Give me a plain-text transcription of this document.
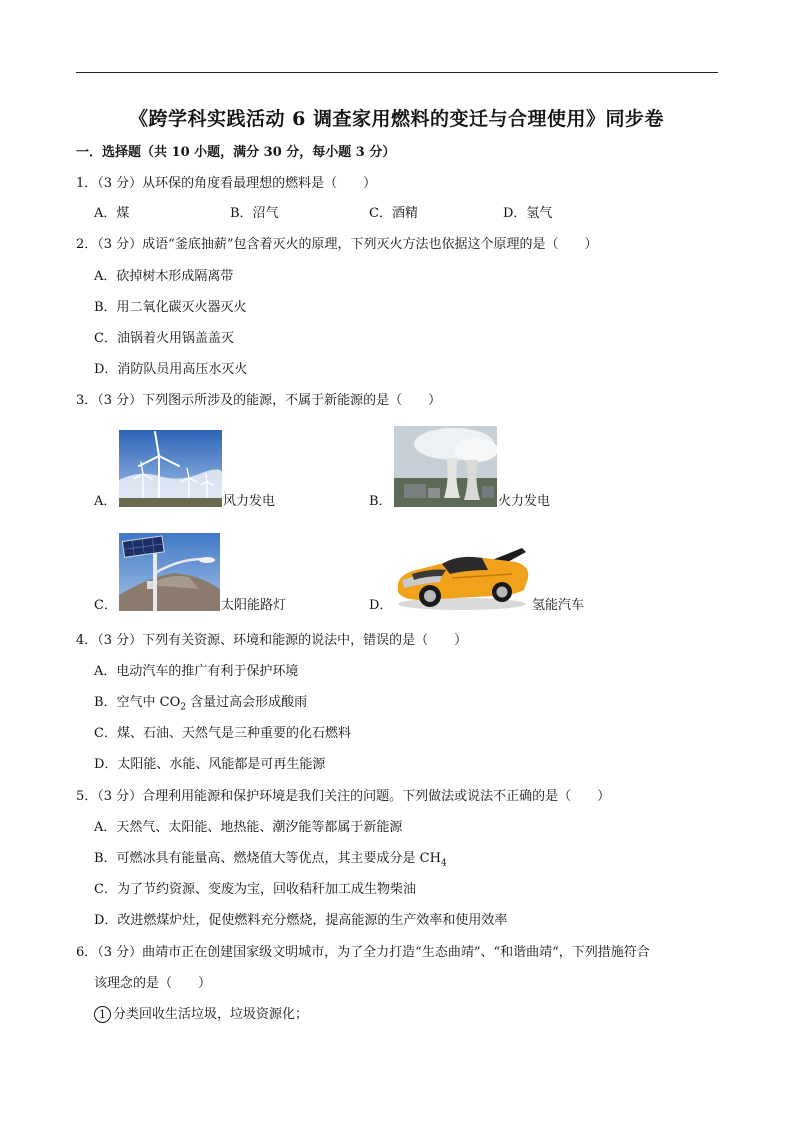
《跨学科实践活动 6 调查家用燃料的变迁与合理使用》同步卷
一．选择题（共 10 小题，满分 30 分，每小题 3 分）
1．（3 分）从环保的角度看最理想的燃料是（　　）
A．煤	B．沼气	C．酒精	D．氢气
2．（3 分）成语“釜底抽薪”包含着灭火的原理，下列灭火方法也依据这个原理的是（　　）
A．砍掉树木形成隔离带
B．用二氧化碳灭火器灭火
C．油锅着火用锅盖盖灭
D．消防队员用高压水灭火
3．（3 分）下列图示所涉及的能源，不属于新能源的是（　　）
A．	风力发电	B．	火力发电
C．	太阳能路灯	D．	氢能汽车
4．（3 分）下列有关资源、环境和能源的说法中，错误的是（　　）
A．电动汽车的推广有利于保护环境
B．空气中 $CO_2$ 含量过高会形成酸雨
C．煤、石油、天然气是三种重要的化石燃料
D．太阳能、水能、风能都是可再生能源
5．（3 分）合理利用能源和保护环境是我们关注的问题。下列做法或说法不正确的是（　　）
A．天然气、太阳能、地热能、潮汐能等都属于新能源
B．可燃冰具有能量高、燃烧值大等优点，其主要成分是 $CH_4$
C．为了节约资源、变废为宝，回收秸秆加工成生物柴油
D．改进燃煤炉灶，促使燃料充分燃烧，提高能源的生产效率和使用效率
6．（3 分）曲靖市正在创建国家级文明城市，为了全力打造“生态曲靖”、“和谐曲靖“，下列措施符合
该理念的是（　　）
1 分类回收生活垃圾，垃圾资源化；
